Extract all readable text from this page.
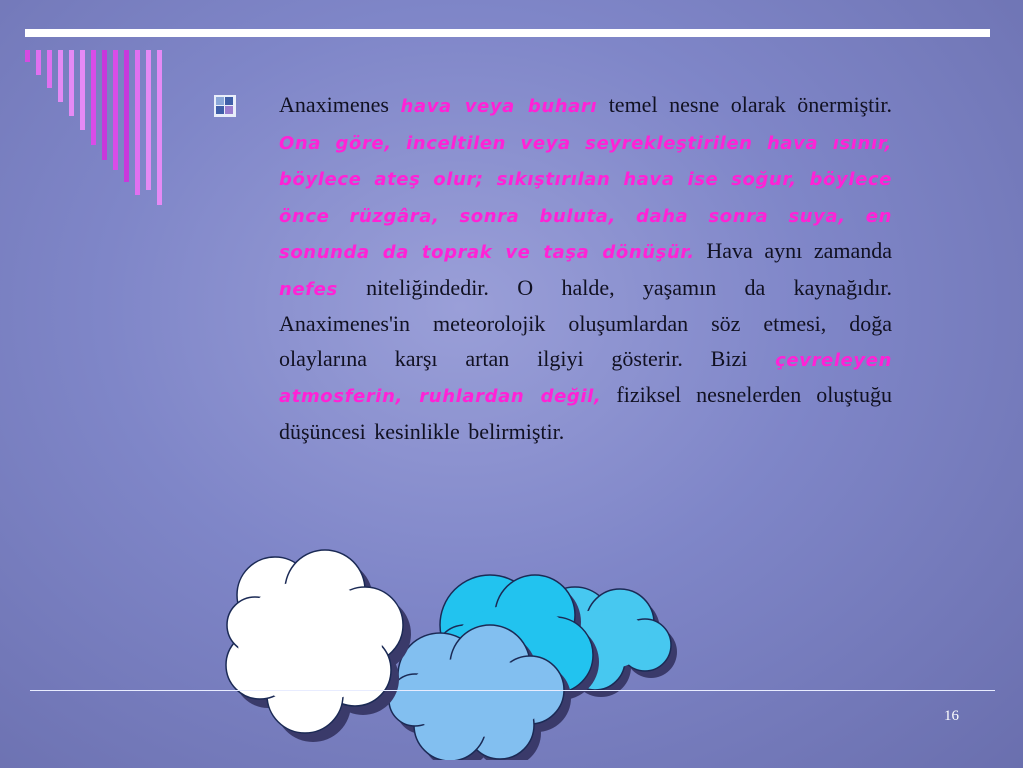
Anaximenes hava veya buharı temel nesne olarak önermiştir. Ona göre, inceltilen veya seyrekleştirilen hava ısınır, böylece ateş olur; sıkıştırılan hava ise soğur, böylece önce rüzgâra, sonra buluta, daha sonra suya, en sonunda da toprak ve taşa dönüşür. Hava aynı zamanda nefes niteliğindedir. O halde, yaşamın da kaynağıdır. Anaximenes'in meteorolojik oluşumlardan söz etmesi, doğa olaylarına karşı artan ilgiyi gösterir. Bizi çevreleyen atmosferin, ruhlardan değil, fiziksel nesnelerden oluştuğu düşüncesi kesinlikle belirmiştir.
16
